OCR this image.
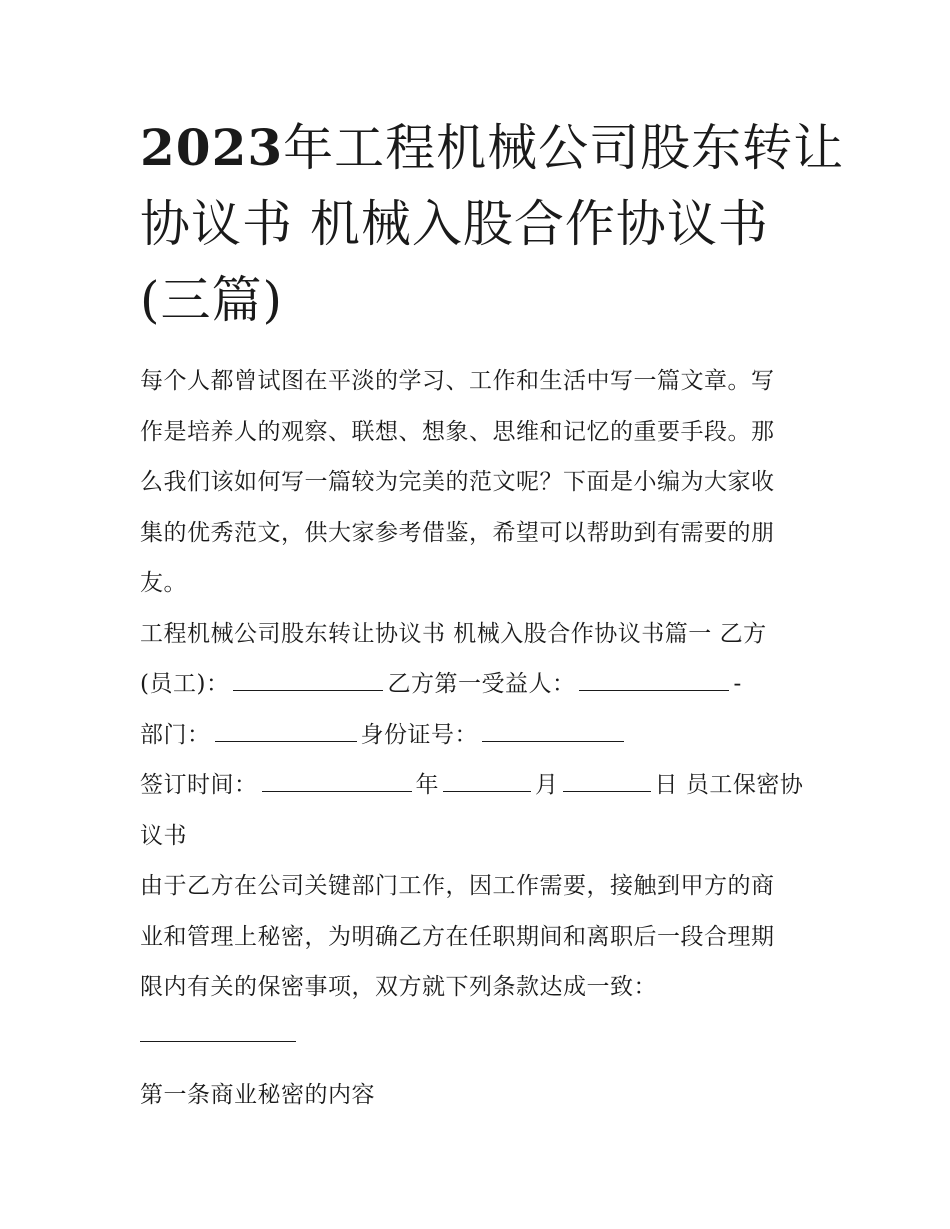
2023年工程机械公司股东转让
协议书 机械入股合作协议书
(三篇)

每个人都曾试图在平淡的学习、工作和生活中写一篇文章。写
作是培养人的观察、联想、想象、思维和记忆的重要手段。那
么我们该如何写一篇较为完美的范文呢？下面是小编为大家收
集的优秀范文，供大家参考借鉴，希望可以帮助到有需要的朋
友。

工程机械公司股东转让协议书 机械入股合作协议书篇一 乙方
(员工)：	乙方第一受益人：	-
部门：	身份证号：
签订时间：	年	月	日 员工保密协
议书

由于乙方在公司关键部门工作，因工作需要，接触到甲方的商
业和管理上秘密，为明确乙方在任职期间和离职后一段合理期
限内有关的保密事项，双方就下列条款达成一致：

第一条商业秘密的内容
